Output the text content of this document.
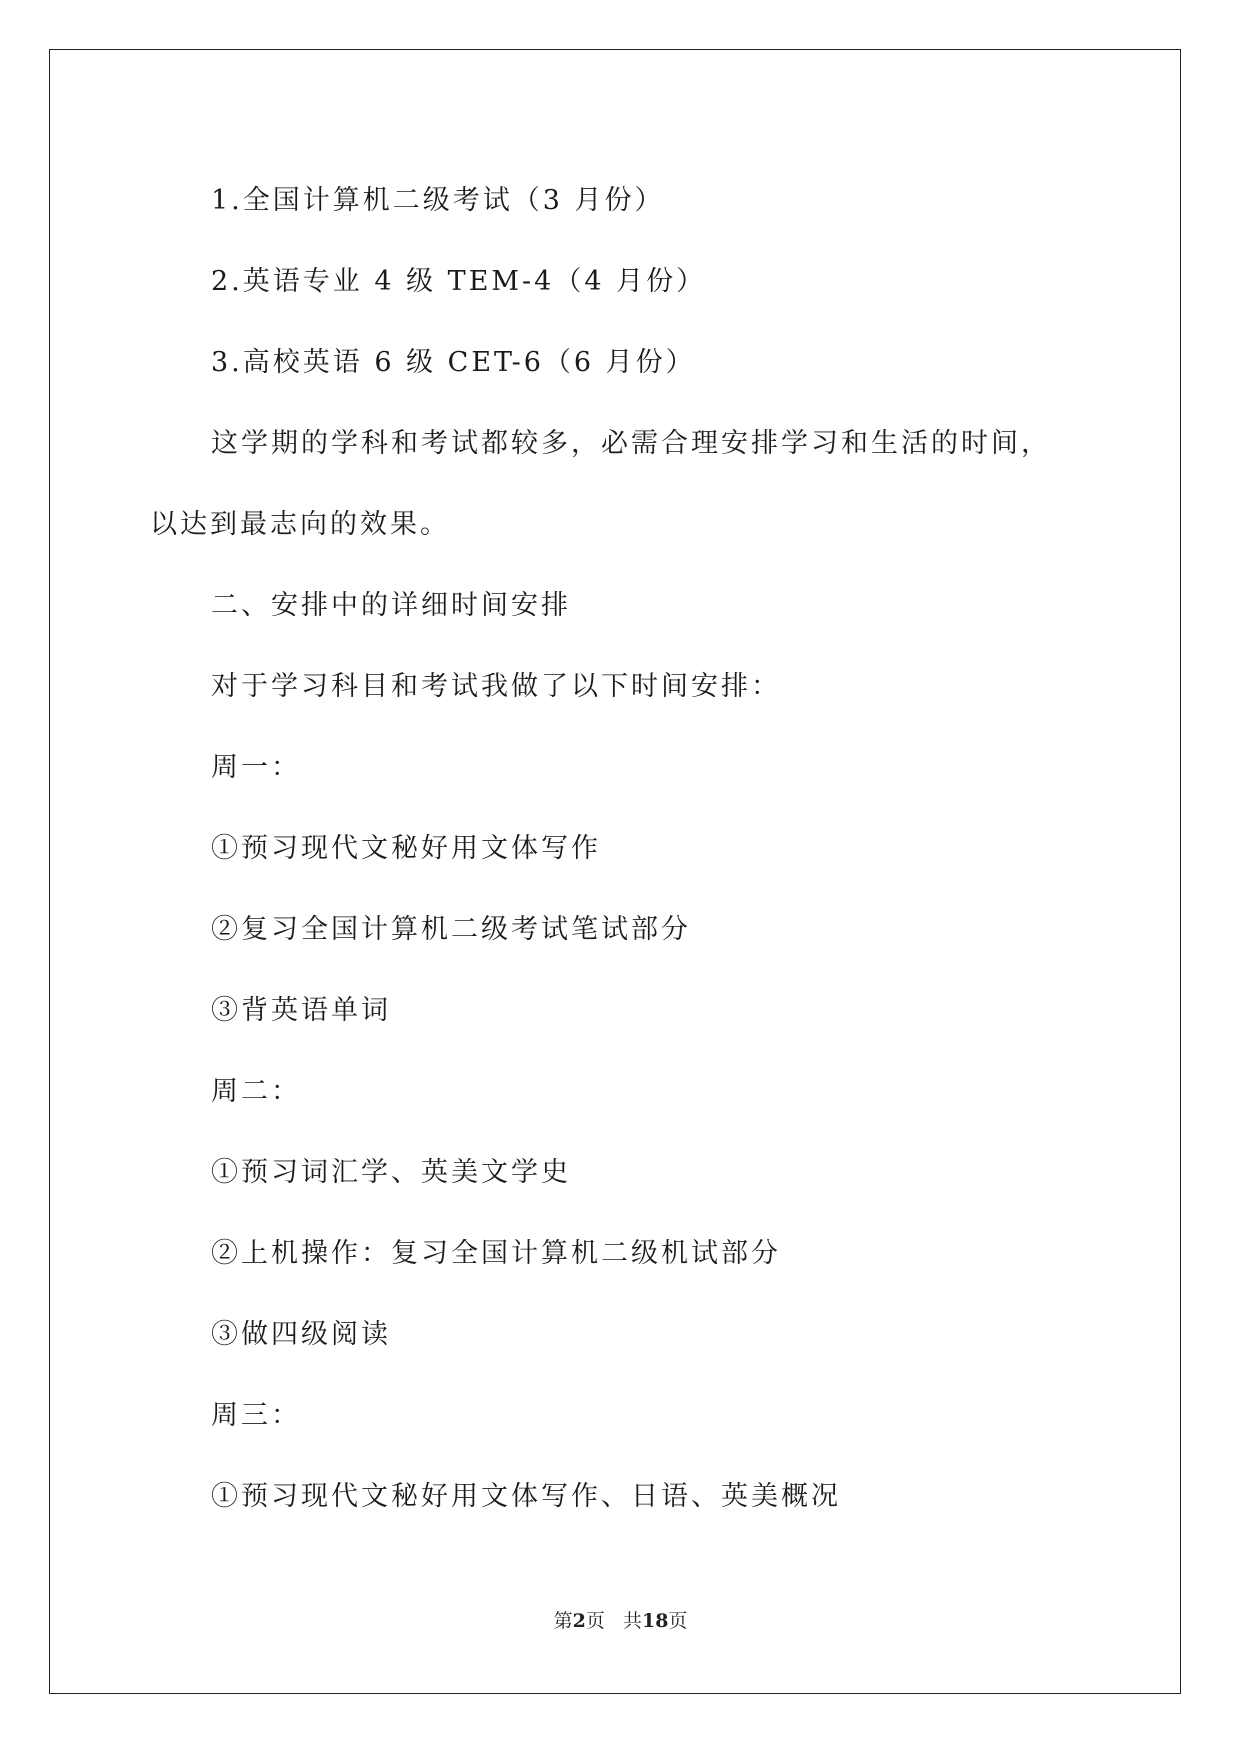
1.全国计算机二级考试（3 月份）

2.英语专业 4 级 TEM-4（4 月份）

3.高校英语 6 级 CET-6（6 月份）

这学期的学科和考试都较多，必需合理安排学习和生活的时间，

以达到最志向的效果。

二、安排中的详细时间安排

对于学习科目和考试我做了以下时间安排：

周一：

①预习现代文秘好用文体写作

②复习全国计算机二级考试笔试部分

③背英语单词

周二：

①预习词汇学、英美文学史

②上机操作：复习全国计算机二级机试部分

③做四级阅读

周三：

①预习现代文秘好用文体写作、日语、英美概况

第2页 共18页
